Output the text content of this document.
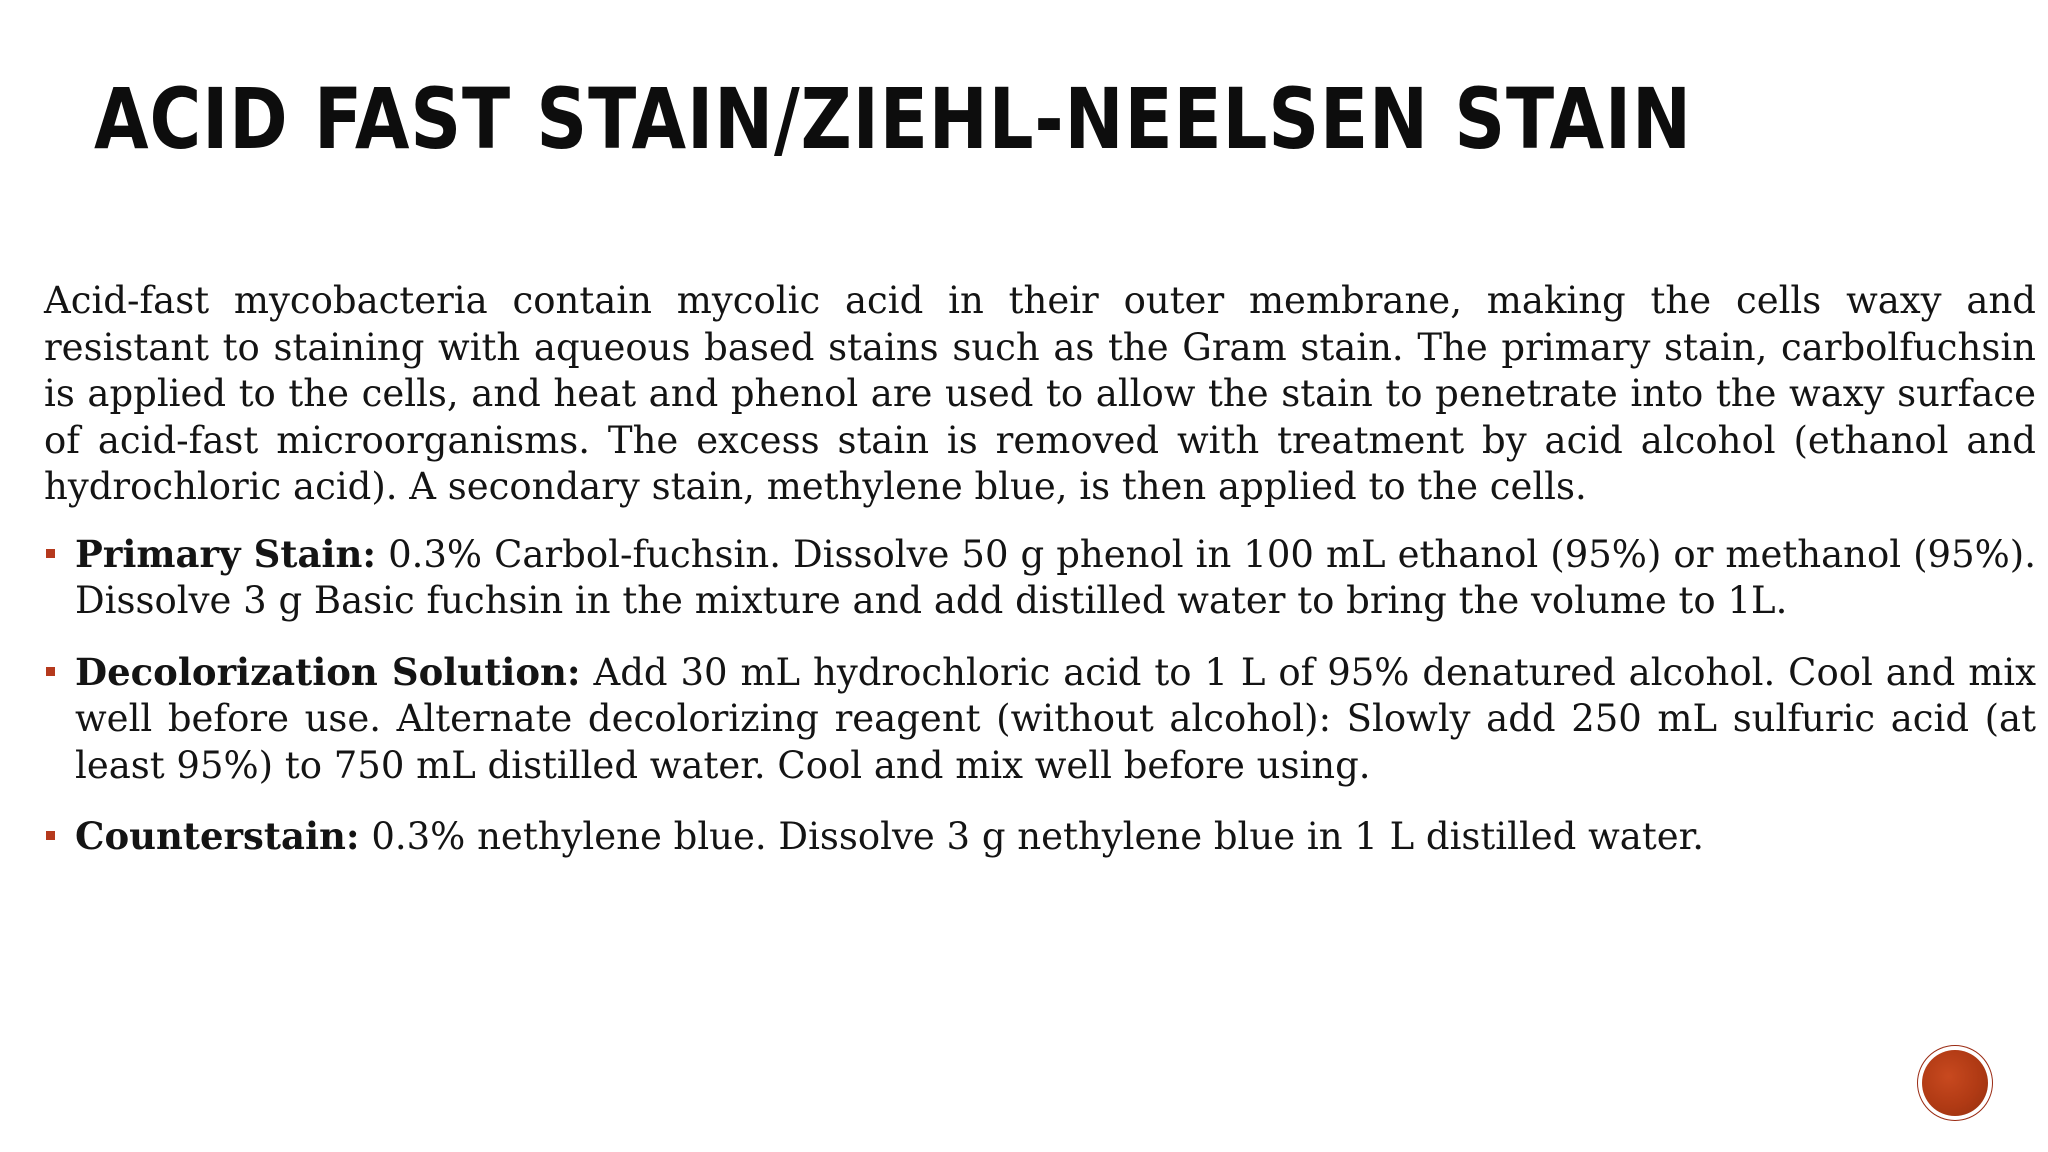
ACID FAST STAIN/ZIEHL-NEELSEN STAIN

Acid-fast mycobacteria contain mycolic acid in their outer membrane, making the cells waxy and resistant to staining with aqueous based stains such as the Gram stain. The primary stain, carbolfuchsin is applied to the cells, and heat and phenol are used to allow the stain to penetrate into the waxy surface of acid-fast microorganisms. The excess stain is removed with treatment by acid alcohol (ethanol and hydrochloric acid). A secondary stain, methylene blue, is then applied to the cells.

Primary Stain: 0.3% Carbol-fuchsin. Dissolve 50 g phenol in 100 mL ethanol (95%) or methanol (95%). Dissolve 3 g Basic fuchsin in the mixture and add distilled water to bring the volume to 1L.
Decolorization Solution: Add 30 mL hydrochloric acid to 1 L of 95% denatured alcohol. Cool and mix well before use. Alternate decolorizing reagent (without alcohol): Slowly add 250 mL sulfuric acid (at least 95%) to 750 mL distilled water. Cool and mix well before using.
Counterstain: 0.3% nethylene blue. Dissolve 3 g nethylene blue in 1 L distilled water.
